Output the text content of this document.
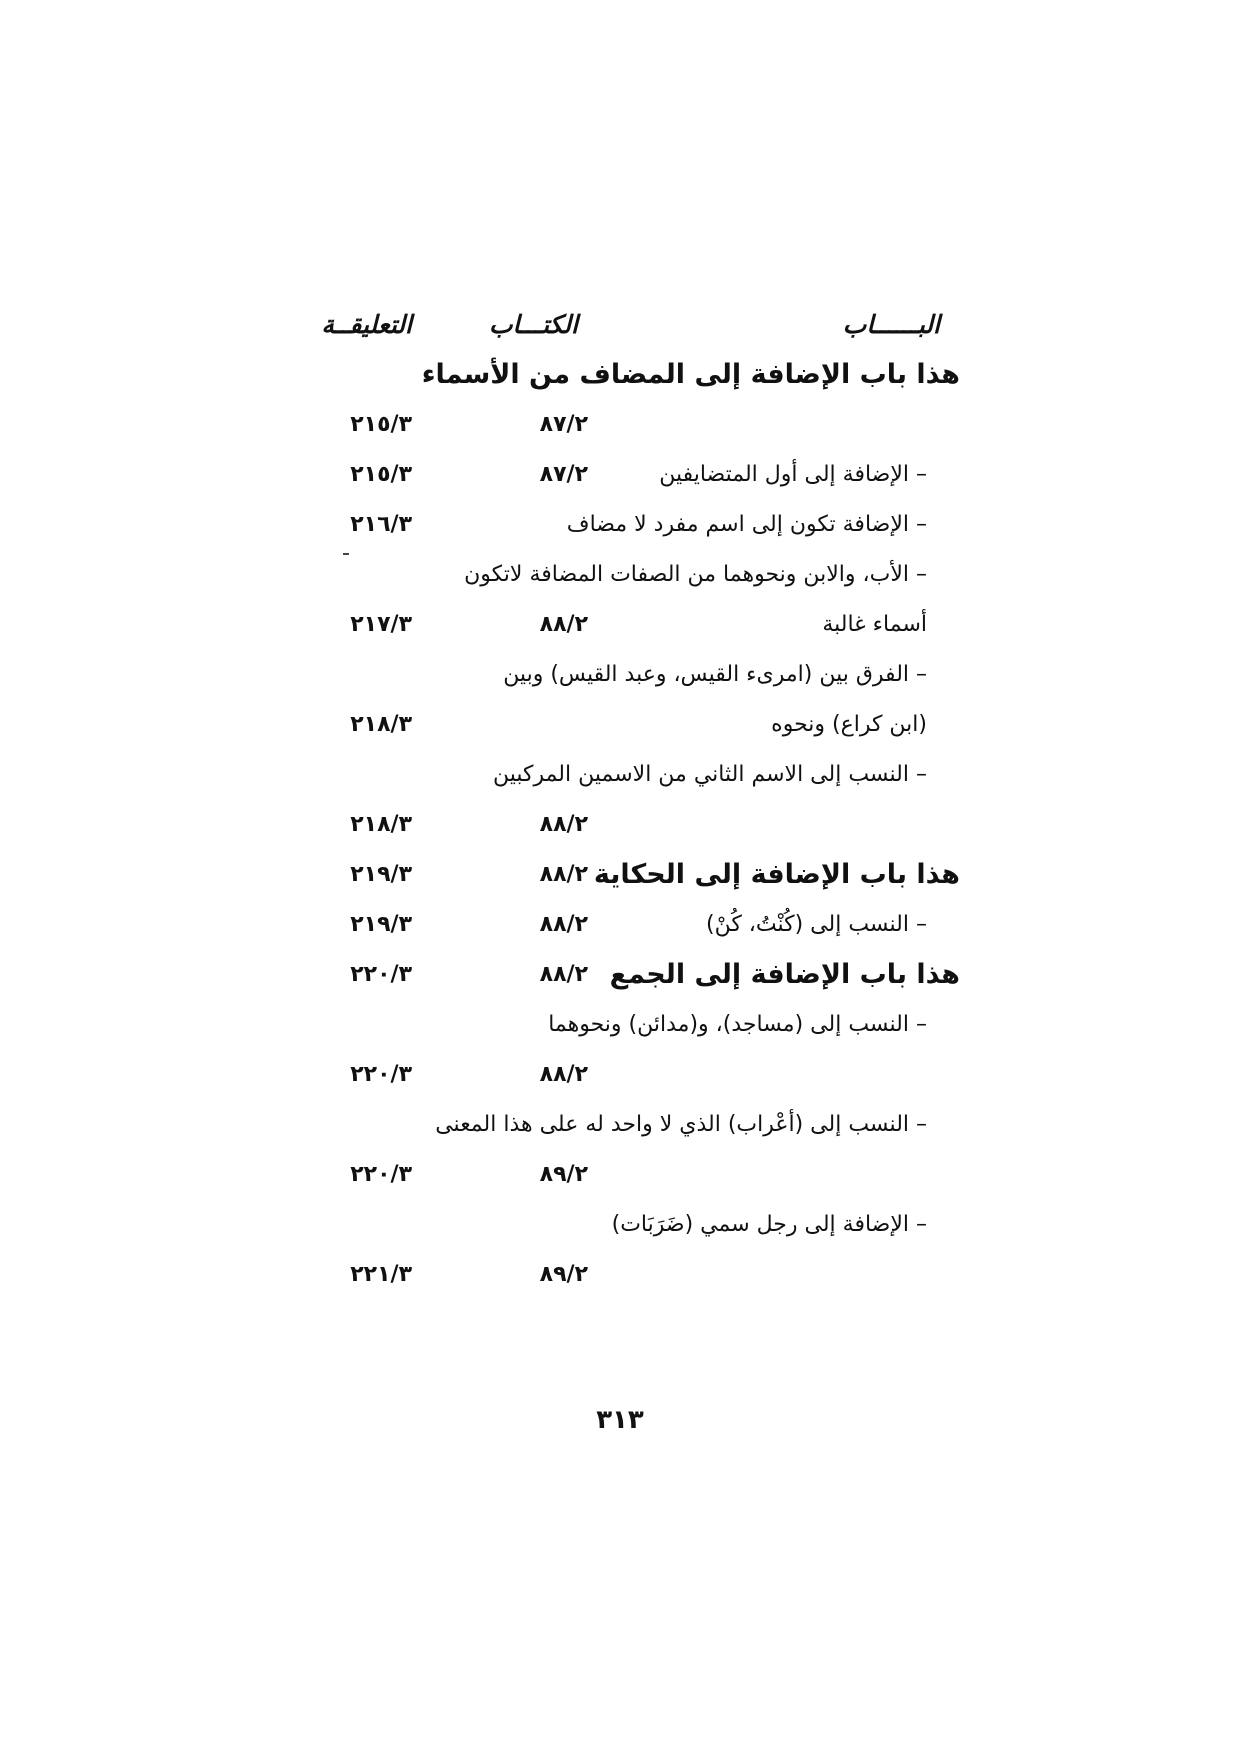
البــــــاب
الكتـــاب
التعليقــة
هذا باب الإضافة إلى المضاف من الأسماء
٨٧/٢
٢١٥/٣
– الإضافة إلى أول المتضايفين
٨٧/٢
٢١٥/٣
– الإضافة تكون إلى اسم مفرد لا مضاف
٢١٦/٣
– الأب، والابن ونحوهما من الصفات المضافة لاتكون
أسماء غالبة
٨٨/٢
٢١٧/٣
– الفرق بين (امرىء القيس، وعبد القيس) وبين
(ابن كراع) ونحوه
٢١٨/٣
– النسب إلى الاسم الثاني من الاسمين المركبين
٨٨/٢
٢١٨/٣
هذا باب الإضافة إلى الحكاية
٨٨/٢
٢١٩/٣
– النسب إلى (كُنْتُ، كُنْ)
٨٨/٢
٢١٩/٣
هذا باب الإضافة إلى الجمع
٨٨/٢
٢٢٠/٣
– النسب إلى (مساجد)، و(مدائن) ونحوهما
٨٨/٢
٢٢٠/٣
– النسب إلى (أعْراب) الذي لا واحد له على هذا المعنى
٨٩/٢
٢٢٠/٣
– الإضافة إلى رجل سمي (ضَرَبَات)
٨٩/٢
٢٢١/٣
٣١٣
